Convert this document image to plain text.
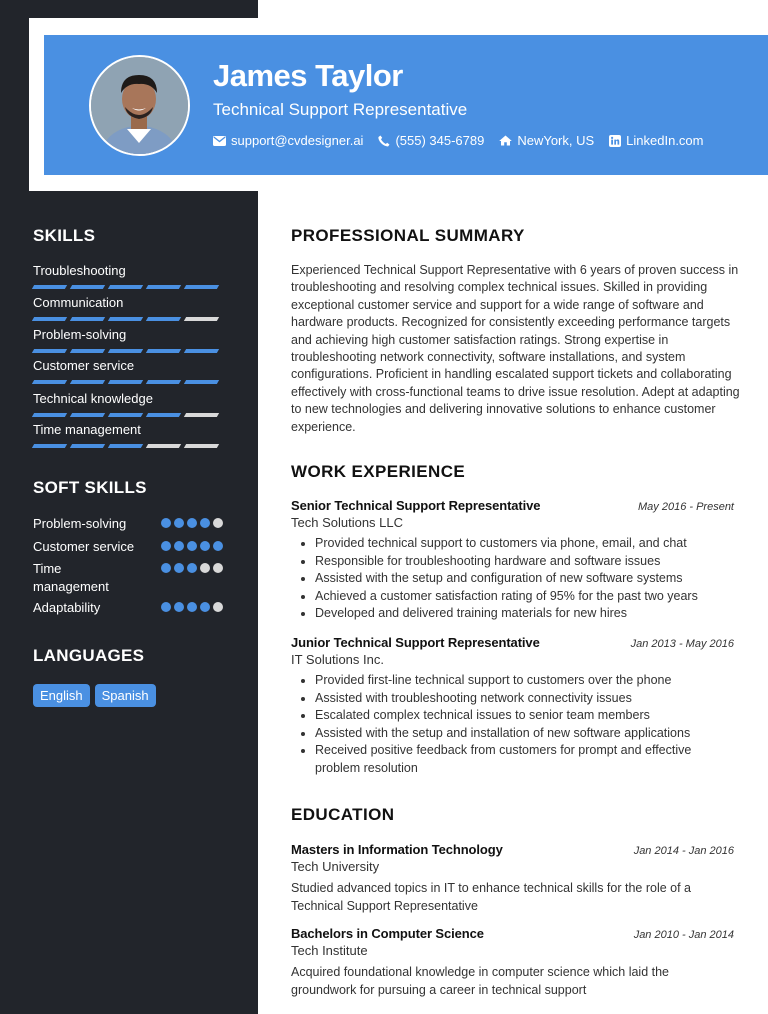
James Taylor
Technical Support Representative
support@cvdesigner.ai (555) 345-6789	NewYork, US LinkedIn.com
SKILLS
Troubleshooting
Communication
Problem-solving
Customer service
Technical knowledge
Time management
SOFT SKILLS
Problem-solving
Customer service
Time management
Adaptability
LANGUAGES
English	Spanish
PROFESSIONAL SUMMARY
Experienced Technical Support Representative with 6 years of proven success in troubleshooting and resolving complex technical issues. Skilled in providing exceptional customer service and support for a wide range of software and hardware products. Recognized for consistently exceeding performance targets and achieving high customer satisfaction ratings. Strong expertise in troubleshooting network connectivity, software installations, and system configurations. Proficient in handling escalated support tickets and collaborating effectively with cross-functional teams to drive issue resolution. Adept at adapting to new technologies and delivering innovative solutions to enhance customer experience.
WORK EXPERIENCE
Senior Technical Support Representative	May 2016 - Present
Tech Solutions LLC
• Provided technical support to customers via phone, email, and chat
• Responsible for troubleshooting hardware and software issues
• Assisted with the setup and configuration of new software systems
• Achieved a customer satisfaction rating of 95% for the past two years
• Developed and delivered training materials for new hires
Junior Technical Support Representative	Jan 2013 - May 2016
IT Solutions Inc.
• Provided first-line technical support to customers over the phone
• Assisted with troubleshooting network connectivity issues
• Escalated complex technical issues to senior team members
• Assisted with the setup and installation of new software applications
• Received positive feedback from customers for prompt and effective problem resolution
EDUCATION
Masters in Information Technology	Jan 2014 - Jan 2016
Tech University
Studied advanced topics in IT to enhance technical skills for the role of a Technical Support Representative
Bachelors in Computer Science	Jan 2010 - Jan 2014
Tech Institute
Acquired foundational knowledge in computer science which laid the groundwork for pursuing a career in technical support
